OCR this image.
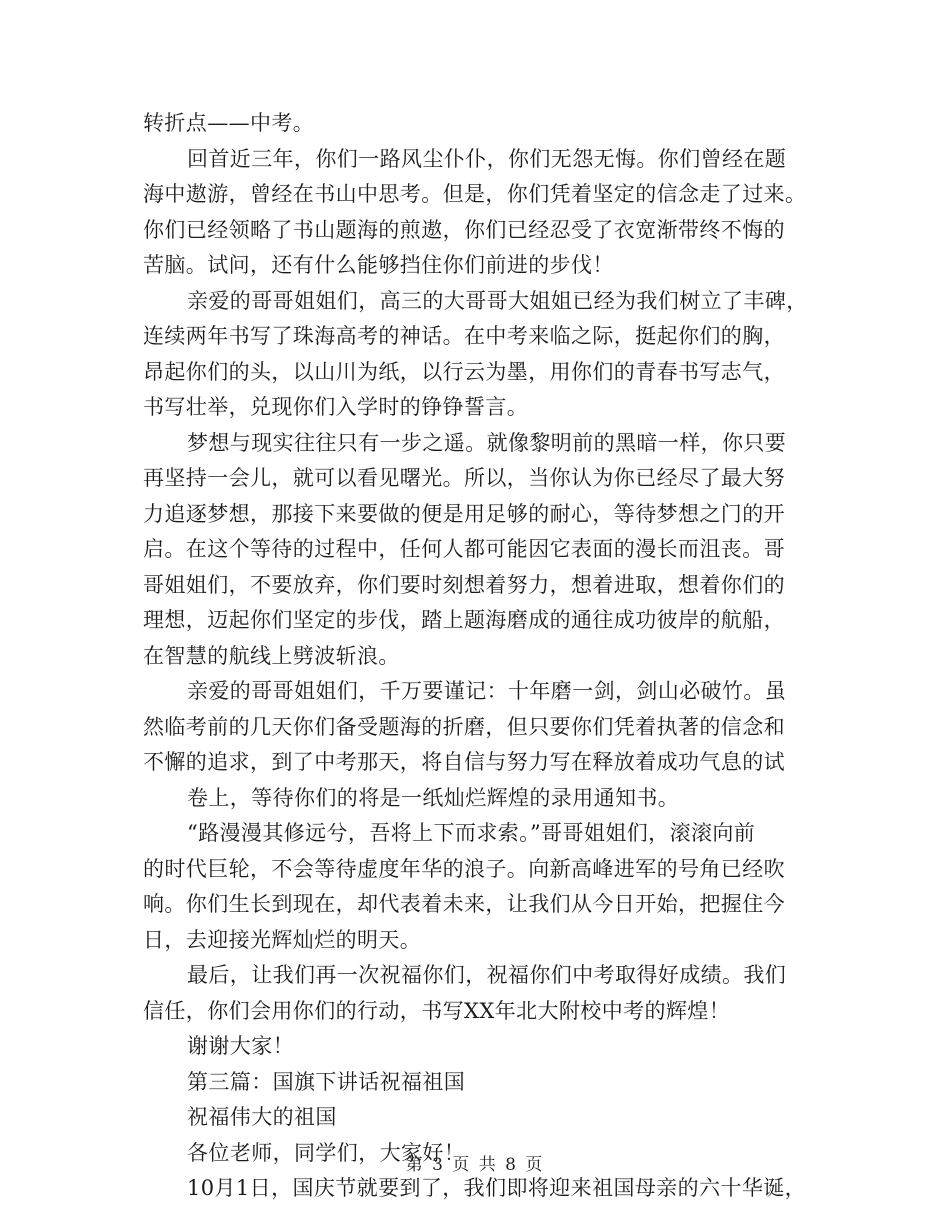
转折点——中考。
回首近三年，你们一路风尘仆仆，你们无怨无悔。你们曾经在题
海中遨游，曾经在书山中思考。但是，你们凭着坚定的信念走了过来。
你们已经领略了书山题海的煎遨，你们已经忍受了衣宽渐带终不悔的
苦脑。试问，还有什么能够挡住你们前进的步伐！
亲爱的哥哥姐姐们，高三的大哥哥大姐姐已经为我们树立了丰碑，
连续两年书写了珠海高考的神话。在中考来临之际，挺起你们的胸，
昂起你们的头，以山川为纸，以行云为墨，用你们的青春书写志气，
书写壮举，兑现你们入学时的铮铮誓言。
梦想与现实往往只有一步之遥。就像黎明前的黑暗一样，你只要
再坚持一会儿，就可以看见曙光。所以，当你认为你已经尽了最大努
力追逐梦想，那接下来要做的便是用足够的耐心，等待梦想之门的开
启。在这个等待的过程中，任何人都可能因它表面的漫长而沮丧。哥
哥姐姐们，不要放弃，你们要时刻想着努力，想着进取，想着你们的
理想，迈起你们坚定的步伐，踏上题海磨成的通往成功彼岸的航船，
在智慧的航线上劈波斩浪。
亲爱的哥哥姐姐们，千万要谨记：十年磨一剑，剑山必破竹。虽
然临考前的几天你们备受题海的折磨，但只要你们凭着执著的信念和
不懈的追求，到了中考那天，将自信与努力写在释放着成功气息的试
卷上，等待你们的将是一纸灿烂辉煌的录用通知书。
“路漫漫其修远兮，吾将上下而求索。”哥哥姐姐们，滚滚向前
的时代巨轮，不会等待虚度年华的浪子。向新高峰进军的号角已经吹
响。你们生长到现在，却代表着未来，让我们从今日开始，把握住今
日，去迎接光辉灿烂的明天。
最后，让我们再一次祝福你们，祝福你们中考取得好成绩。我们
信任，你们会用你们的行动，书写XX年北大附校中考的辉煌！
谢谢大家！
第三篇：国旗下讲话祝福祖国
祝福伟大的祖国
各位老师，同学们，大家好！
10月1日，国庆节就要到了，我们即将迎来祖国母亲的六十华诞，
第 3 页 共 8 页
